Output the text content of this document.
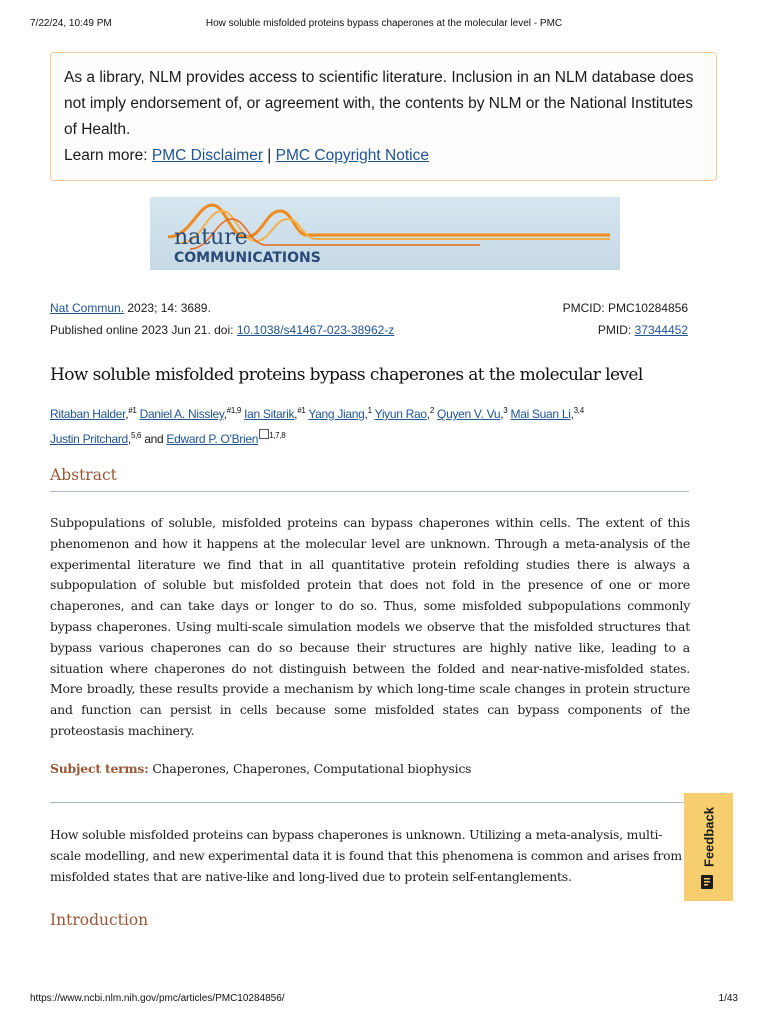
7/22/24, 10:49 PM	How soluble misfolded proteins bypass chaperones at the molecular level - PMC
As a library, NLM provides access to scientific literature. Inclusion in an NLM database does not imply endorsement of, or agreement with, the contents by NLM or the National Institutes of Health.
Learn more: PMC Disclaimer | PMC Copyright Notice
nature
COMMUNICATIONS
Nat Commun. 2023; 14: 3689.	PMCID: PMC10284856
Published online 2023 Jun 21. doi: 10.1038/s41467-023-38962-z	PMID: 37344452
How soluble misfolded proteins bypass chaperones at the molecular level
Ritaban Halder,$^{\#1}$ Daniel A. Nissley,$^{\#1,9}$ Ian Sitarik,$^{\#1}$ Yang Jiang,$^1$ Yiyun Rao,$^2$ Quyen V. Vu,$^3$ Mai Suan Li,$^{3,4}$
Justin Pritchard,$^{5,6}$ and Edward P. O'Brien $^{1,7,8}$
Abstract
Subpopulations of soluble, misfolded proteins can bypass chaperones within cells. The extent of this phenomenon and how it happens at the molecular level are unknown. Through a meta-analysis of the experimental literature we find that in all quantitative protein refolding studies there is always a subpopulation of soluble but misfolded protein that does not fold in the presence of one or more chaperones, and can take days or longer to do so. Thus, some misfolded subpopulations commonly bypass chaperones. Using multi-scale simulation models we observe that the misfolded structures that bypass various chaperones can do so because their structures are highly native like, leading to a situation where chaperones do not distinguish between the folded and near-native-misfolded states. More broadly, these results provide a mechanism by which long-time scale changes in protein structure and function can persist in cells because some misfolded states can bypass components of the proteostasis machinery.
Subject terms: Chaperones, Chaperones, Computational biophysics
How soluble misfolded proteins can bypass chaperones is unknown. Utilizing a meta-analysis, multi-scale modelling, and new experimental data it is found that this phenomena is common and arises from misfolded states that are native-like and long-lived due to protein self-entanglements.
Introduction
Feedback
https://www.ncbi.nlm.nih.gov/pmc/articles/PMC10284856/	1/43
